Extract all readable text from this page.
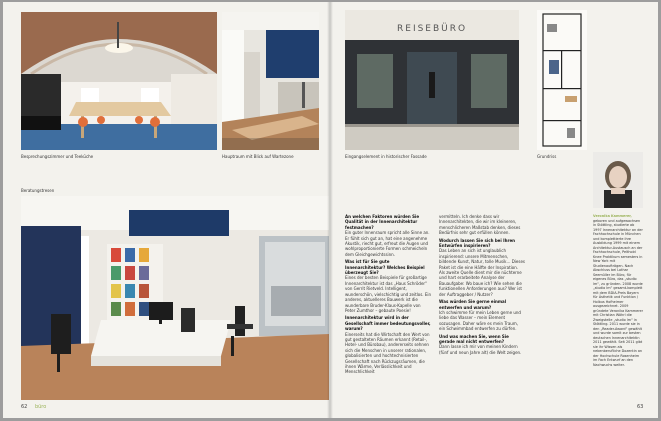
Besprechungszimmer und Teeküche	Hauptraum mit Blick auf Wartezone
Beratungstresen
62 büro
REISEBÜRO
Eingangselement in historischer Fassade	Grundriss

An welchen Faktoren würden Sie Qualität in der Innenarchitektur festmachen?
Ein guter Innenraum spricht alle Sinne an. Er fühlt sich gut an, hat eine angenehme Akustik, riecht gut, erfreut die Augen und wohlproportionierte Formen schmeicheln dem Gleichgewichtssinn.

Was ist für Sie gute Innenarchitektur? Welches Beispiel überzeugt Sie?
Eines der besten Beispiele für großartige Innenarchitektur ist das „Haus Schröder“ von Gerrit Rietveld. Intelligent, wunderschön, vielschichtig und zeitlos. Ein anderes, aktuelleres Bauwerk ist die wunderbare Bruder-Klaus-Kapelle von Peter Zumthor – gebaute Poesie!

Innenarchitektur wird in der Gesellschaft immer bedeutungsvoller, warum?
Einerseits hat die Wirtschaft den Wert von gut gestalteten Räumen erkannt (Retail-, Hotel- und Bürobau), andererseits sehnen sich die Menschen in unserer rationalen, globalisierten und hochtechnisierten Gesellschaft nach Rückzugsräumen, die ihnen Wärme, Verlässlichkeit und Menschlichkeit

vermitteln. Ich denke dass wir Innenarchitekten, die wir im kleineren, menschlicheren Maßstab denken, dieses Bedürfnis sehr gut erfüllen können.

Wodurch lassen Sie sich bei Ihren Entwürfen inspirieren?
Das Leben an sich ist unglaublich inspirierend: unsere Mitmenschen, bildende Kunst, Natur, tolle Musik… Dieses Paket ist die eine Hälfte der Inspiration. Als zweite Quelle dient mir die nüchterne und hart erarbeitete Analyse der Bauaufgabe: Wo baue ich? Wie sehen die funktionellen Anforderungen aus? Wer ist der Auftraggeber / Nutzer?

Was würden Sie gerne einmal entwerfen und warum?
Ich schwimme für mein Leben gerne und liebe das Wasser – mein Element sozusagen. Daher wäre es mein Traum, ein Schwimmbad entwerfen zu dürfen.

Und was machen Sie, wenn Sie gerade mal nicht entwerfen?
Dann lasse ich mir von meinen Kindern (fünf und neun Jahre alt) die Welt zeigen.

Veronika Kammerer,
geboren und aufgewachsen in Stöttling, studierte ab 1997 Innenarchitektur an der Fachhochschule in München und komplettierte ihre Ausbildung 1999 mit einem Architektur-Austausch an der Fachhochschule, Pelthold Knee Praktikum semesters in New York mit Studienaufträgen. Nach Abschluss bei Lothar Seemüller im Büro, für eigenes Büro, das „studio lm“, zu gründen. 2008 wurde „studio lm“ gesamt-komplett mit dem BDIA-Preis Bayern für Ästhetik und Funktion / Holbus Hofheimer ausgezeichnet. 2009 gründete Veronika Kammerer mit Christian Wöhrl die Zweigstelle „studio lm“ in Stöttling. 2011 wurde sie in den „Reader-Award“ gewählt und wurde somit zur besten deutschen Innenarchitektin 2011 gewählt. Seit 2011 gibt sie ihr Wissen als nebenberufliche Dozentin an der Hochschule Rosenheim im Fach Entwurf an den Nachwuchs weiter.
63
